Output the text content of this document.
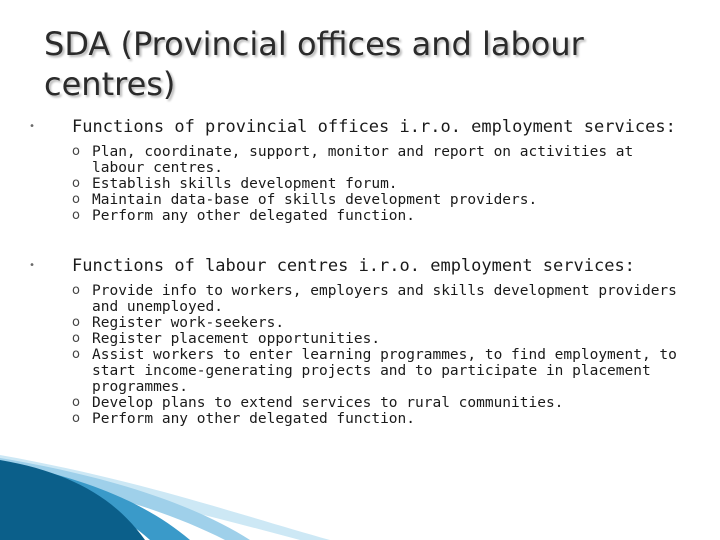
SDA (Provincial offices and labour centres)
• Functions of provincial offices i.r.o. employment services:
o Plan, coordinate, support, monitor and report on activities at labour centres.
o Establish skills development forum.
o Maintain data-base of skills development providers.
o Perform any other delegated function.
• Functions of labour centres i.r.o. employment services:
o Provide info to workers, employers and skills development providers and unemployed.
o Register work-seekers.
o Register placement opportunities.
o Assist workers to enter learning programmes, to find employment, to start income-generating projects and to participate in placement programmes.
o Develop plans to extend services to rural communities.
o Perform any other delegated function.
